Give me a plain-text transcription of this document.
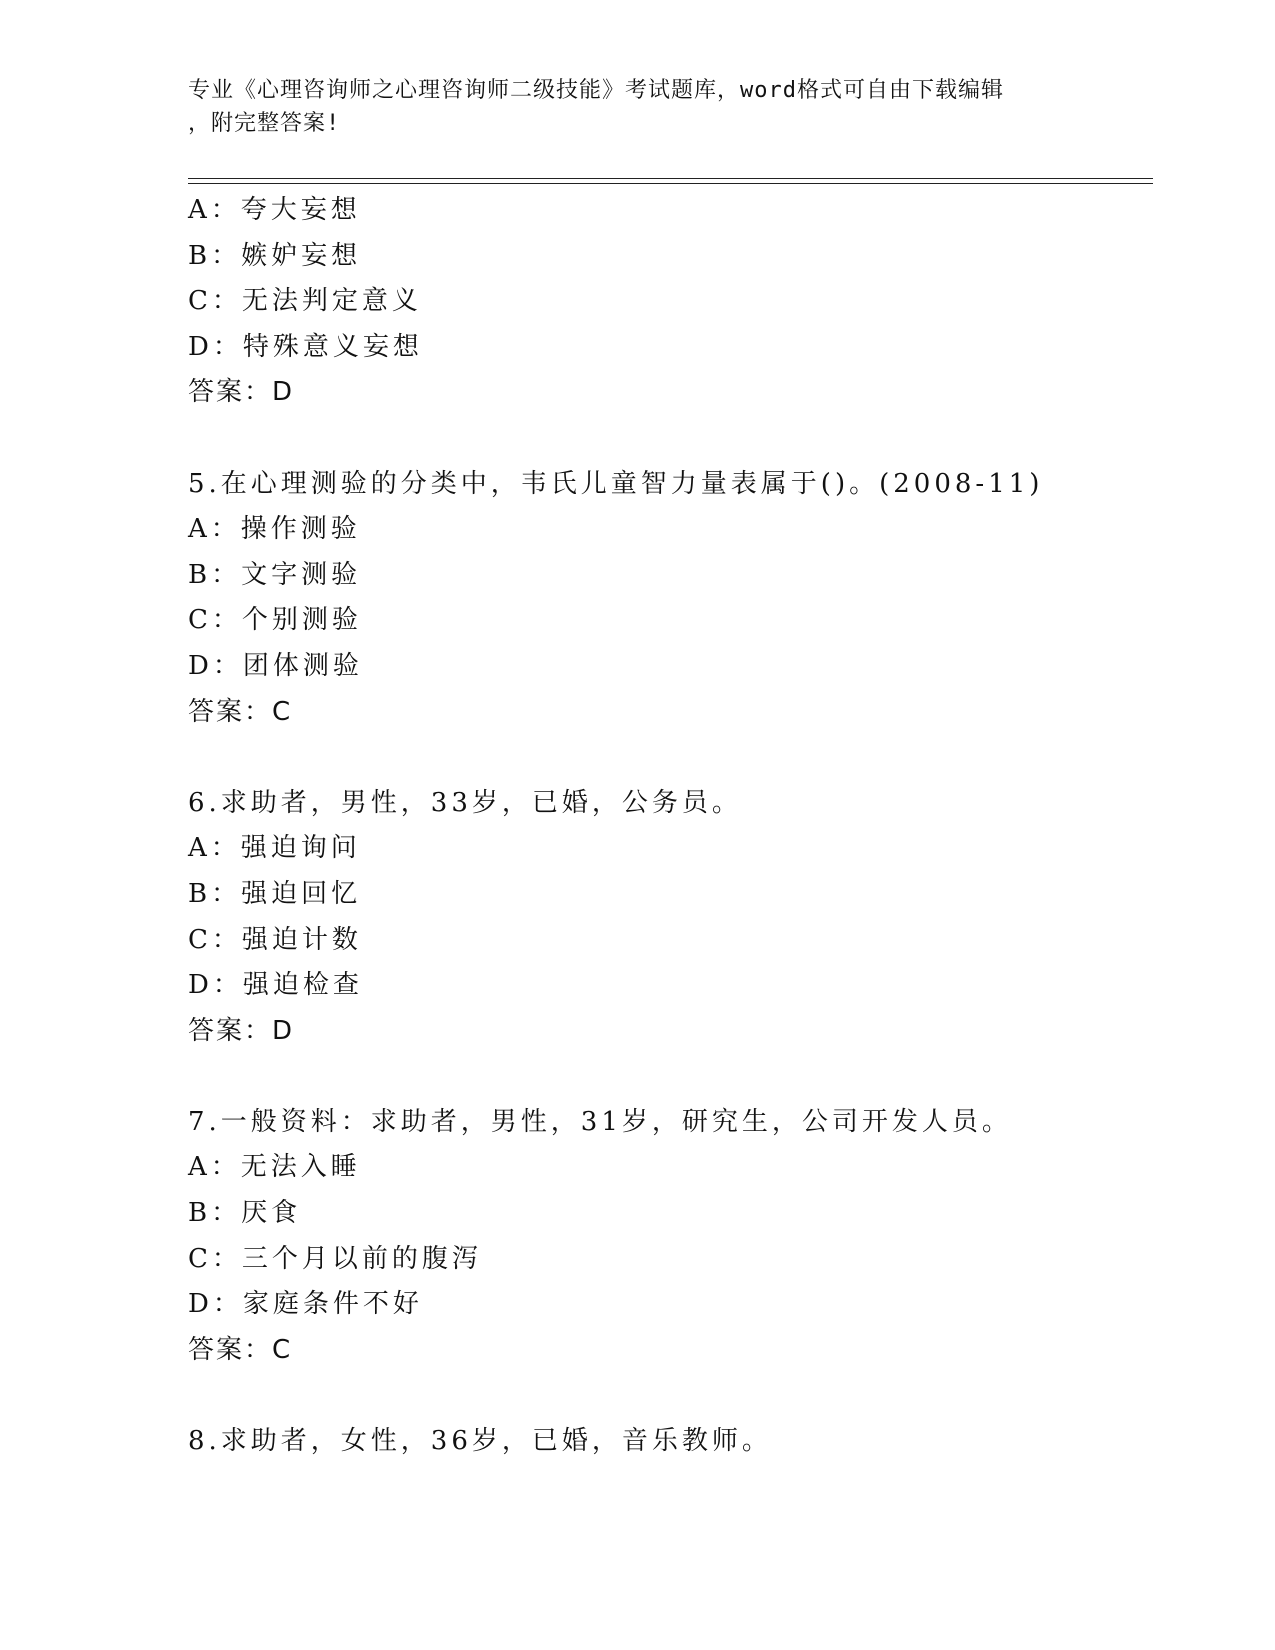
专业《心理咨询师之心理咨询师二级技能》考试题库，word格式可自由下载编辑
，附完整答案!
A：夸大妄想
B：嫉妒妄想
C：无法判定意义
D：特殊意义妄想
答案：D
5.在心理测验的分类中，韦氏儿童智力量表属于()。(2008-11)
A：操作测验
B：文字测验
C：个别测验
D：团体测验
答案：C
6.求助者，男性，33岁，已婚，公务员。
A：强迫询问
B：强迫回忆
C：强迫计数
D：强迫检查
答案：D
7.一般资料：求助者，男性，31岁，研究生，公司开发人员。
A：无法入睡
B：厌食
C：三个月以前的腹泻
D：家庭条件不好
答案：C
8.求助者，女性，36岁，已婚，音乐教师。
